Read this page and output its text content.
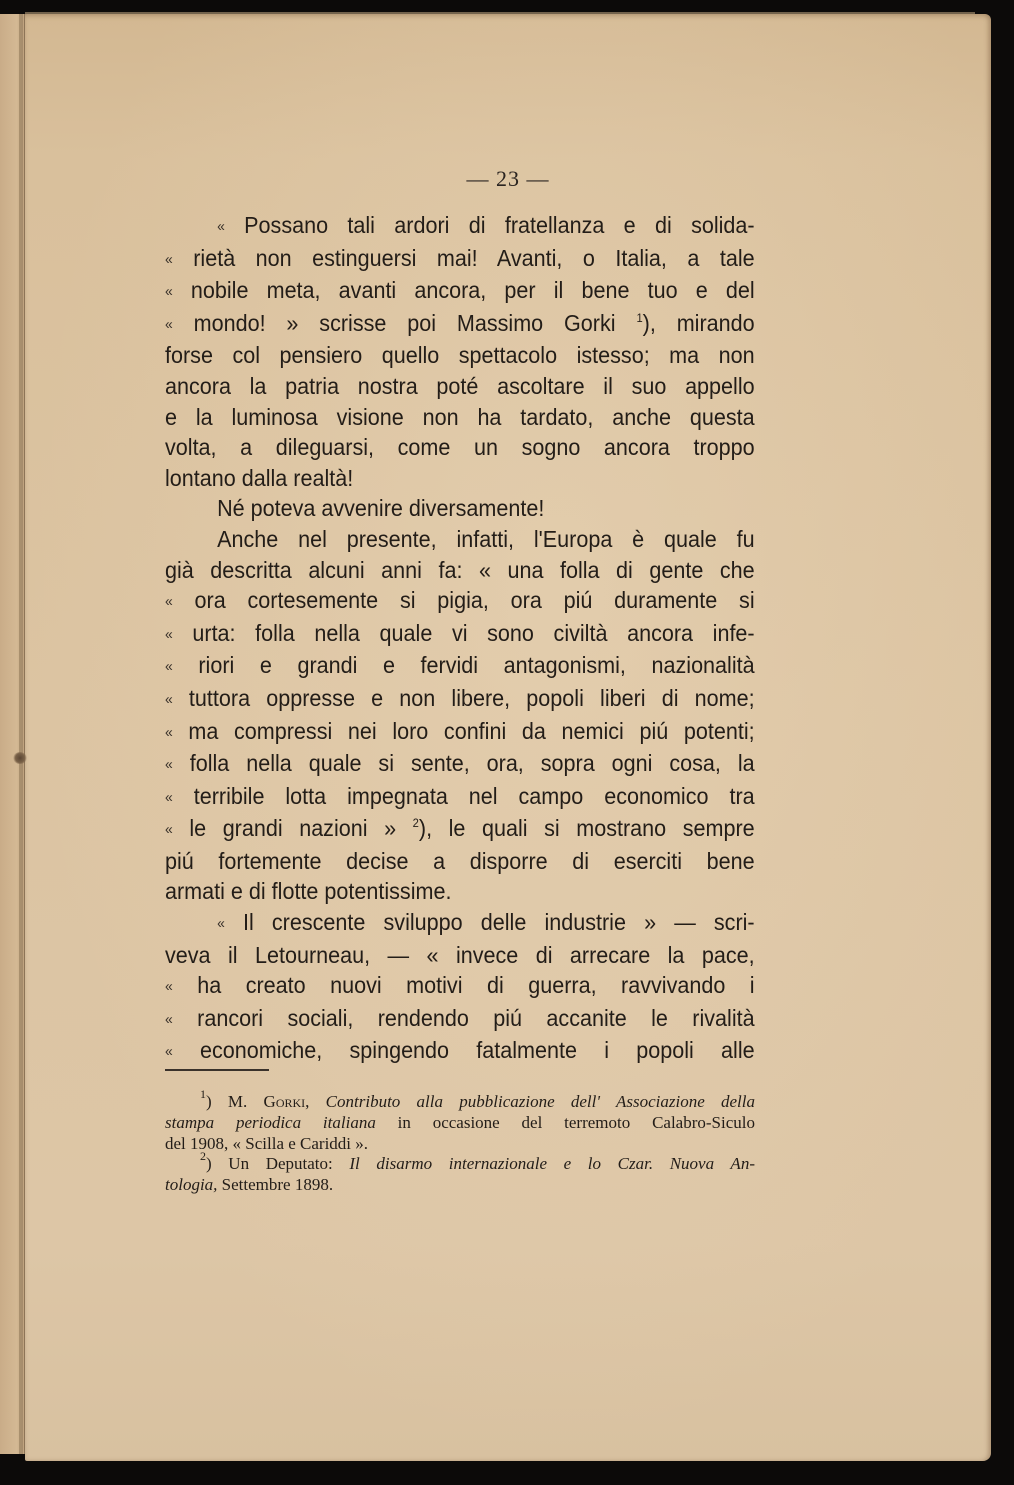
— 23 —
« Possano tali ardori di fratellanza e di solida-
« rietà non estinguersi mai! Avanti, o Italia, a tale
« nobile meta, avanti ancora, per il bene tuo e del
« mondo! » scrisse poi Massimo Gorki $^1$), mirando
forse col pensiero quello spettacolo istesso; ma non
ancora la patria nostra poté ascoltare il suo appello
e la luminosa visione non ha tardato, anche questa
volta, a dileguarsi, come un sogno ancora troppo
lontano dalla realtà!
Né poteva avvenire diversamente!
Anche nel presente, infatti, l'Europa è quale fu
già descritta alcuni anni fa: « una folla di gente che
« ora cortesemente si pigia, ora piú duramente si
« urta: folla nella quale vi sono civiltà ancora infe-
« riori e grandi e fervidi antagonismi, nazionalità
« tuttora oppresse e non libere, popoli liberi di nome;
« ma compressi nei loro confini da nemici piú potenti;
« folla nella quale si sente, ora, sopra ogni cosa, la
« terribile lotta impegnata nel campo economico tra
« le grandi nazioni » $^2$), le quali si mostrano sempre
piú fortemente decise a disporre di eserciti bene
armati e di flotte potentissime.
« Il crescente sviluppo delle industrie » — scri-
veva il Letourneau, — « invece di arrecare la pace,
« ha creato nuovi motivi di guerra, ravvivando i
« rancori sociali, rendendo piú accanite le rivalità
« economiche, spingendo fatalmente i popoli alle
$^1$) M. Gorki, Contributo alla pubblicazione dell' Associazione della
stampa periodica italiana in occasione del terremoto Calabro-Siculo
del 1908, « Scilla e Cariddi ».
$^2$) Un Deputato: Il disarmo internazionale e lo Czar. Nuova An-
tologia, Settembre 1898.
